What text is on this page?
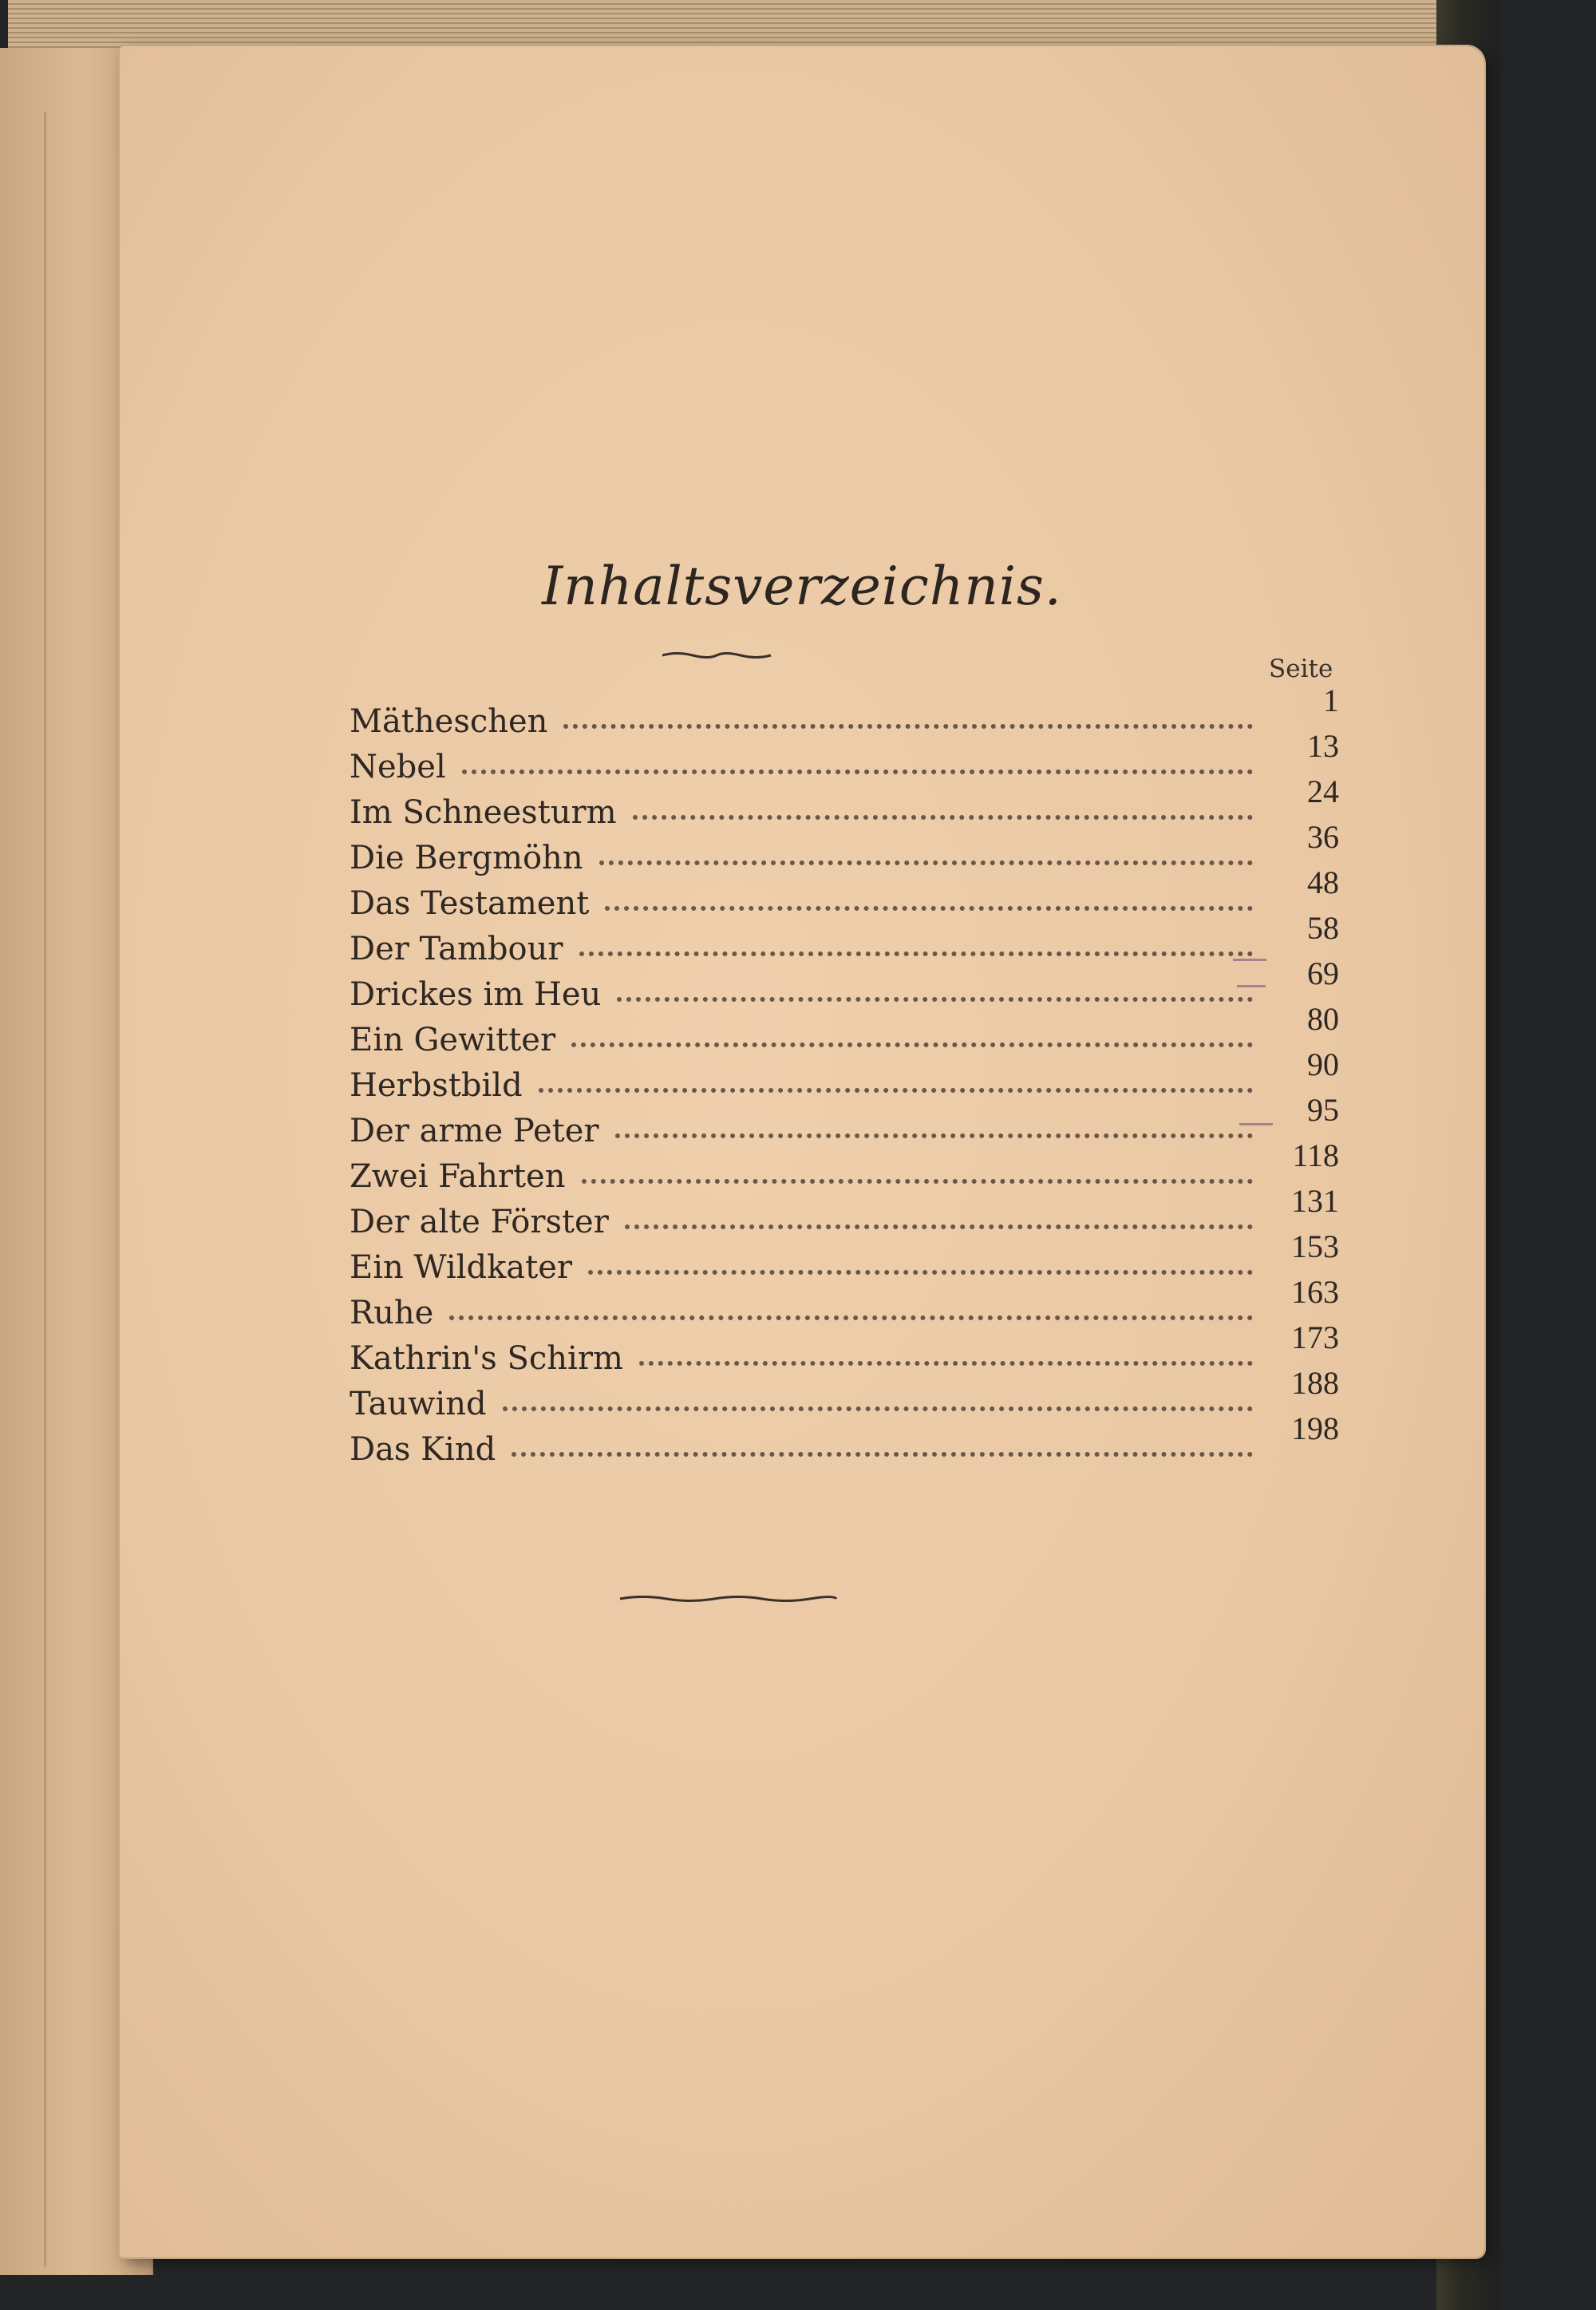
Inhaltsverzeichnis.
Seite
Mätheschen
1
Nebel
13
Im Schneesturm
24
Die Bergmöhn
36
Das Testament
48
Der Tambour
58
Drickes im Heu
69
Ein Gewitter
80
Herbstbild
90
Der arme Peter
95
Zwei Fahrten
118
Der alte Förster
131
Ein Wildkater
153
Ruhe
163
Kathrin's Schirm
173
Tauwind
188
Das Kind
198
